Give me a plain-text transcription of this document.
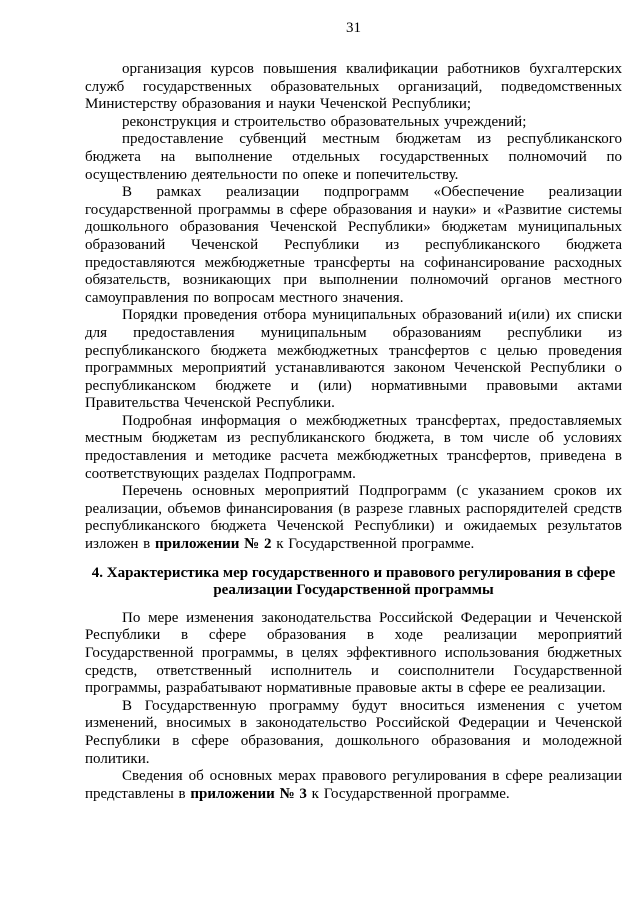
31

организация курсов повышения квалификации работников бухгалтерских служб государственных образовательных организаций, подведомственных Министерству образования и науки Чеченской Республики;

реконструкция и строительство образовательных учреждений;

предоставление субвенций местным бюджетам из республиканского бюджета на выполнение отдельных государственных полномочий по осуществлению деятельности по опеке и попечительству.

В рамках реализации подпрограмм «Обеспечение реализации государственной программы в сфере образования и науки» и «Развитие системы дошкольного образования Чеченской Республики» бюджетам муниципальных образований Чеченской Республики из республиканского бюджета предоставляются межбюджетные трансферты на софинансирование расходных обязательств, возникающих при выполнении полномочий органов местного самоуправления по вопросам местного значения.

Порядки проведения отбора муниципальных образований и(или) их списки для предоставления муниципальным образованиям республики из республиканского бюджета межбюджетных трансфертов с целью проведения программных мероприятий устанавливаются законом Чеченской Республики о республиканском бюджете и (или) нормативными правовыми актами Правительства Чеченской Республики.

Подробная информация о межбюджетных трансфертах, предоставляемых местным бюджетам из республиканского бюджета, в том числе об условиях предоставления и методике расчета межбюджетных трансфертов, приведена в соответствующих разделах Подпрограмм.

Перечень основных мероприятий Подпрограмм (с указанием сроков их реализации, объемов финансирования (в разрезе главных распорядителей средств республиканского бюджета Чеченской Республики) и ожидаемых результатов изложен в приложении № 2 к Государственной программе.

4. Характеристика мер государственного и правового регулирования в сфере реализации Государственной программы

По мере изменения законодательства Российской Федерации и Чеченской Республики в сфере образования в ходе реализации мероприятий Государственной программы, в целях эффективного использования бюджетных средств, ответственный исполнитель и соисполнители Государственной программы, разрабатывают нормативные правовые акты в сфере ее реализации.

В Государственную программу будут вноситься изменения с учетом изменений, вносимых в законодательство Российской Федерации и Чеченской Республики в сфере образования, дошкольного образования и молодежной политики.

Сведения об основных мерах правового регулирования в сфере реализации представлены в приложении № 3 к Государственной программе.
